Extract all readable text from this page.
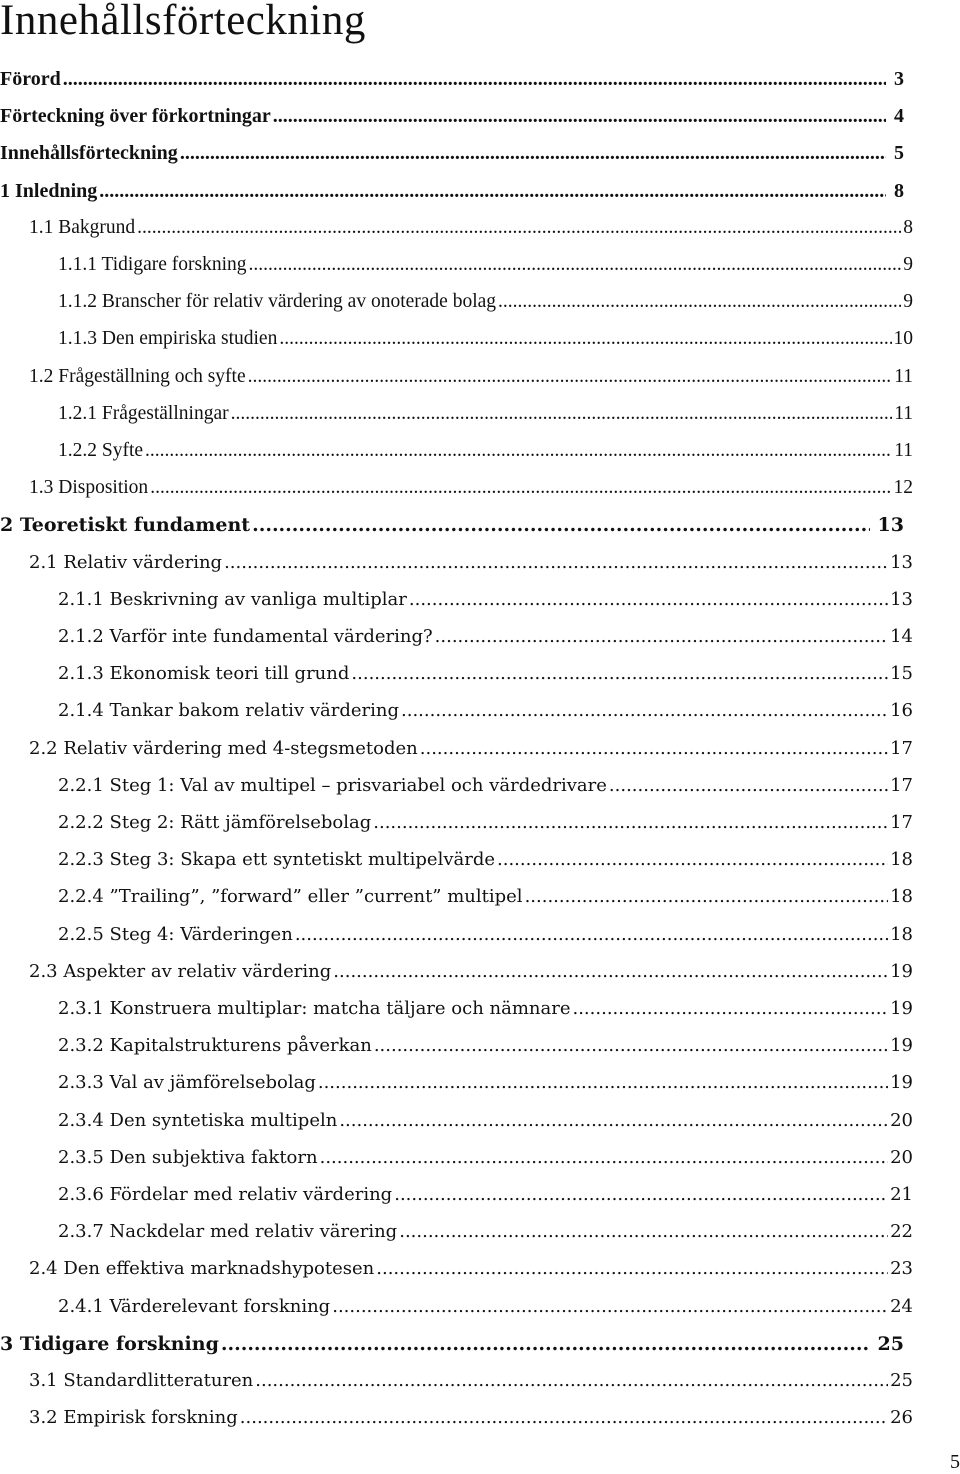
Innehållsförteckning
Förord .....	3
Förteckning över förkortningar .....	4
Innehållsförteckning .....	5
1 Inledning .....	8
1.1 Bakgrund .....	8
1.1.1 Tidigare forskning .....	9
1.1.2 Branscher för relativ värdering av onoterade bolag .....	9
1.1.3 Den empiriska studien .....	10
1.2 Frågeställning och syfte .....	11
1.2.1 Frågeställningar .....	11
1.2.2 Syfte .....	11
1.3 Disposition .....	12
2 Teoretiskt fundament .....	13
2.1 Relativ värdering .....	13
2.1.1 Beskrivning av vanliga multiplar .....	13
2.1.2 Varför inte fundamental värdering? .....	14
2.1.3 Ekonomisk teori till grund .....	15
2.1.4 Tankar bakom relativ värdering .....	16
2.2 Relativ värdering med 4-stegsmetoden .....	17
2.2.1 Steg 1: Val av multipel – prisvariabel och värdedrivare .....	17
2.2.2 Steg 2: Rätt jämförelsebolag .....	17
2.2.3 Steg 3: Skapa ett syntetiskt multipelvärde .....	18
2.2.4 ”Trailing”, ”forward” eller ”current” multipel .....	18
2.2.5 Steg 4: Värderingen .....	18
2.3 Aspekter av relativ värdering .....	19
2.3.1 Konstruera multiplar: matcha täljare och nämnare .....	19
2.3.2 Kapitalstrukturens påverkan .....	19
2.3.3 Val av jämförelsebolag .....	19
2.3.4 Den syntetiska multipeln .....	20
2.3.5 Den subjektiva faktorn .....	20
2.3.6 Fördelar med relativ värdering .....	21
2.3.7 Nackdelar med relativ värering .....	22
2.4 Den effektiva marknadshypotesen .....	23
2.4.1 Värderelevant forskning .....	24
3 Tidigare forskning .....	25
3.1 Standardlitteraturen .....	25
3.2 Empirisk forskning .....	26
5
